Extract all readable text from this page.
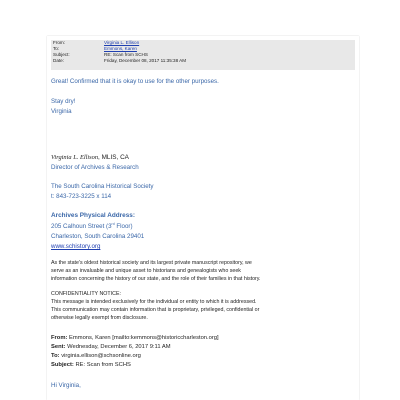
From:	Virginia L. Ellison
To:	Emmons, Karen
Subject:	RE: Scan from SCHS
Date:	Friday, December 08, 2017 11:35:38 AM
Great! Confirmed that it is okay to use for the other purposes.
Stay dry!
Virginia
Virginia L. Ellison, MLIS, CA
Director of Archives & Research
The South Carolina Historical Society
t: 843-723-3225 x 114
Archives Physical Address:
205 Calhoun Street (3rd Floor)
Charleston, South Carolina 29401
www.schistory.org
As the state's oldest historical society and its largest private manuscript repository, we
serve as an invaluable and unique asset to historians and genealogists who seek
information concerning the history of our state, and the role of their families in that history.
CONFIDENTIALITY NOTICE:
This message is intended exclusively for the individual or entity to which it is addressed.
This communication may contain information that is proprietary, privileged, confidential or
otherwise legally exempt from disclosure.
From: Emmons, Karen [mailto:kemmons@historiccharleston.org]
Sent: Wednesday, December 6, 2017 9:11 AM
To: virginia.ellison@schsonline.org
Subject: RE: Scan from SCHS
Hi Virginia,
